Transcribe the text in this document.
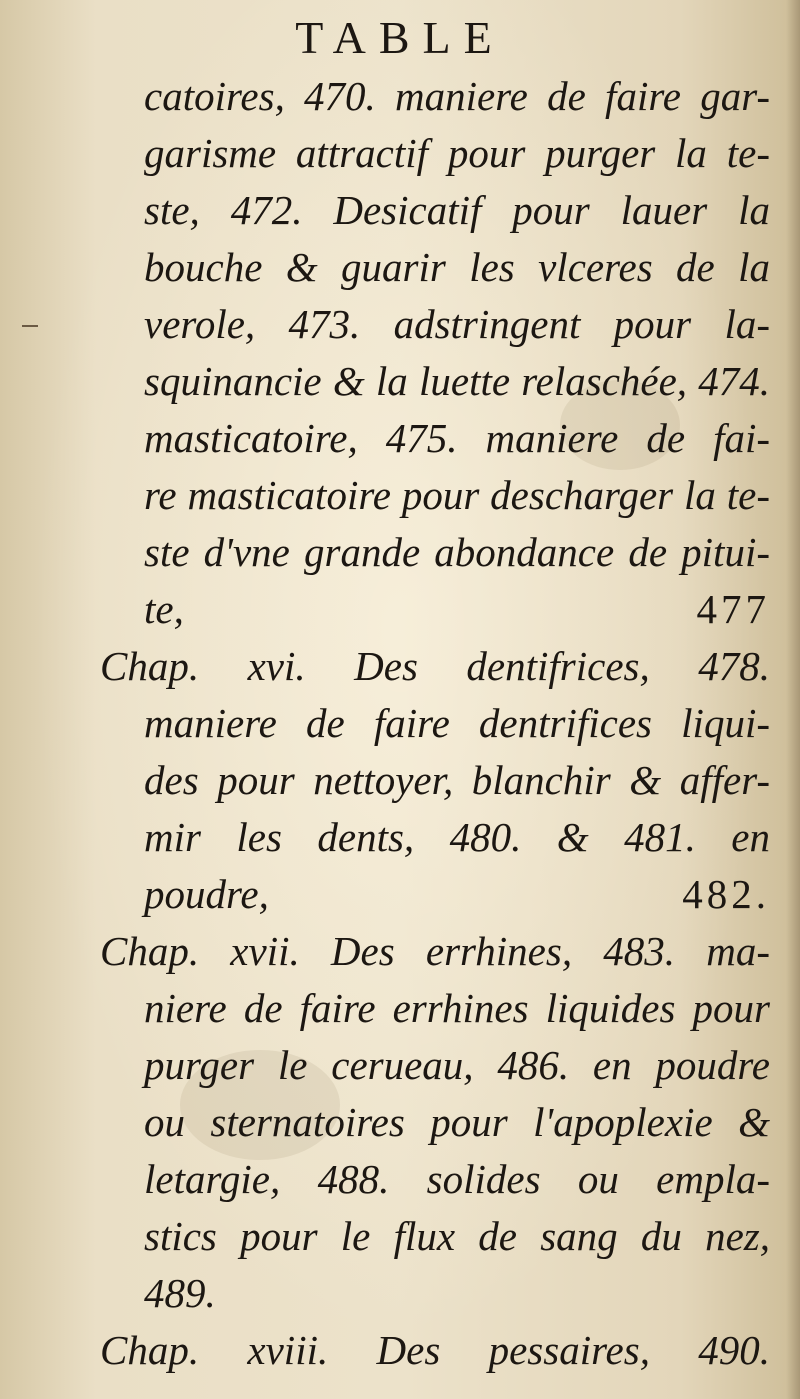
TABLE
catoires, 470. maniere de faire gar-
garisme attractif pour purger la te-
ste, 472. Desicatif pour lauer la
bouche & guarir les vlceres de la
verole, 473. adstringent pour la-
squinancie & la luette relaschée, 474.
masticatoire, 475. maniere de fai-
re masticatoire pour descharger la te-
ste d'vne grande abondance de pitui-
te,	477
Chap. xvi. Des dentifrices, 478.
maniere de faire dentrifices liqui-
des pour nettoyer, blanchir & affer-
mir les dents, 480. & 481. en
poudre,	482.
Chap. xvii. Des errhines, 483. ma-
niere de faire errhines liquides pour
purger le cerueau, 486. en poudre
ou sternatoires pour l'apoplexie &
letargie, 488. solides ou empla-
stics pour le flux de sang du nez,
489.
Chap. xviii. Des pessaires, 490.
